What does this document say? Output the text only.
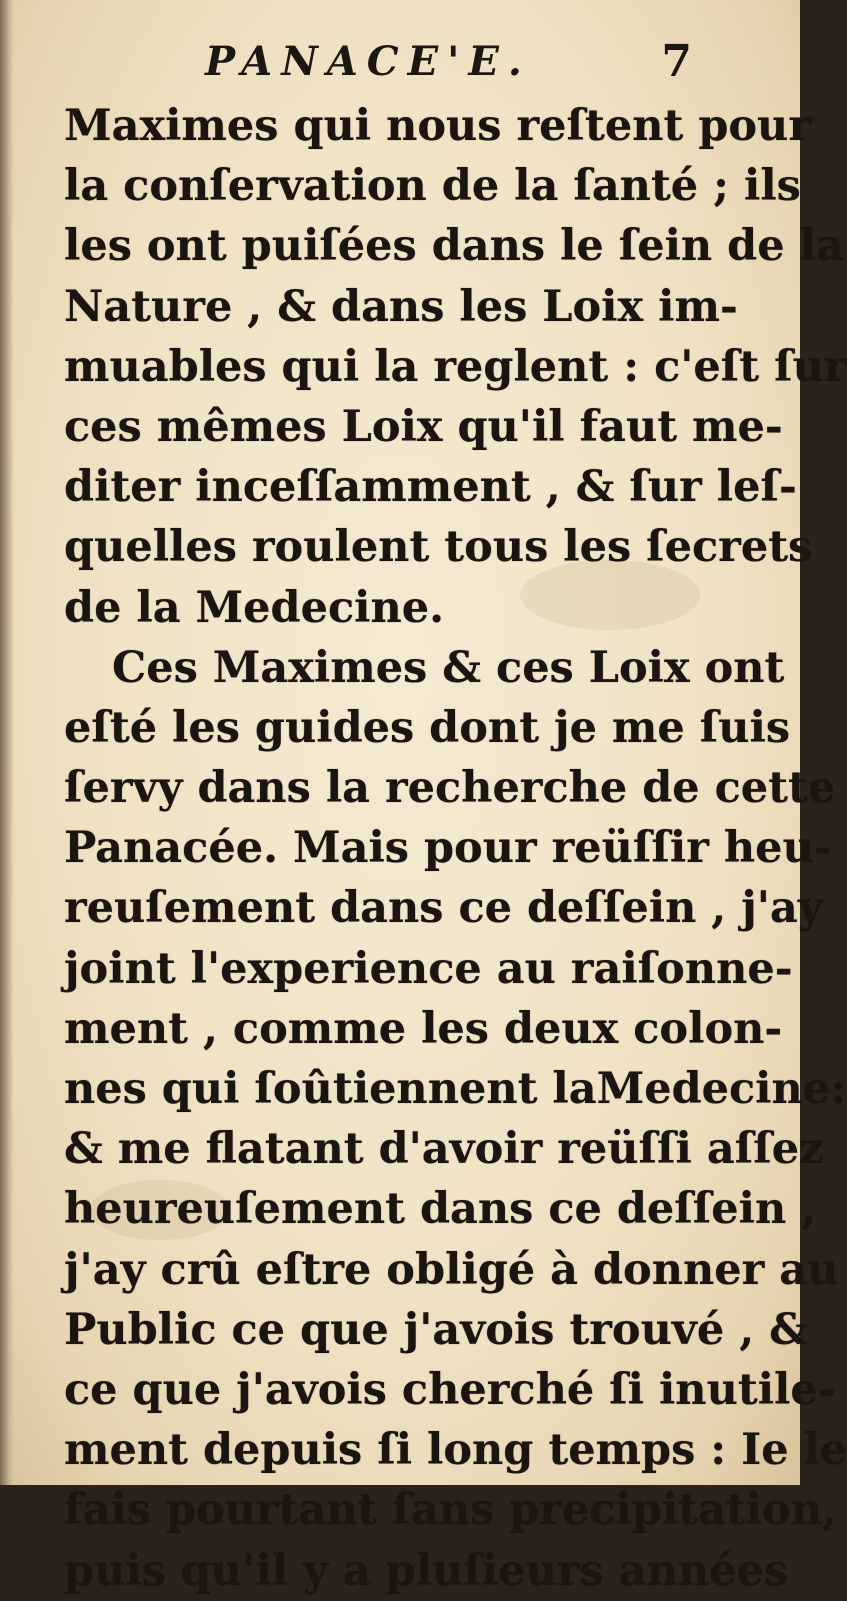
PANACE'E.	7
Maximes qui nous reſtent pour
la conſervation de la ſanté ; ils
les ont puiſées dans le ſein de la
Nature , & dans les Loix im-
muables qui la reglent : c'eſt ſur
ces mêmes Loix qu'il faut me-
diter inceſſamment , & ſur leſ-
quelles roulent tous les ſecrets
de la Medecine.
Ces Maximes & ces Loix ont
eſté les guides dont je me ſuis
ſervy dans la recherche de cette
Panacée. Mais pour reüſſir heu-
reuſement dans ce deſſein , j'ay
joint l'experience au raiſonne-
ment , comme les deux colon-
nes qui ſoûtiennent laMedecine:
& me flatant d'avoir reüſſi aſſez
heureuſement dans ce deſſein ,
j'ay crû eſtre obligé à donner au
Public ce que j'avois trouvé , &
ce que j'avois cherché ſi inutile-
ment depuis ſi long temps : Ie le
fais pourtant ſans precipitation,
puis qu'il y a pluſieurs années
